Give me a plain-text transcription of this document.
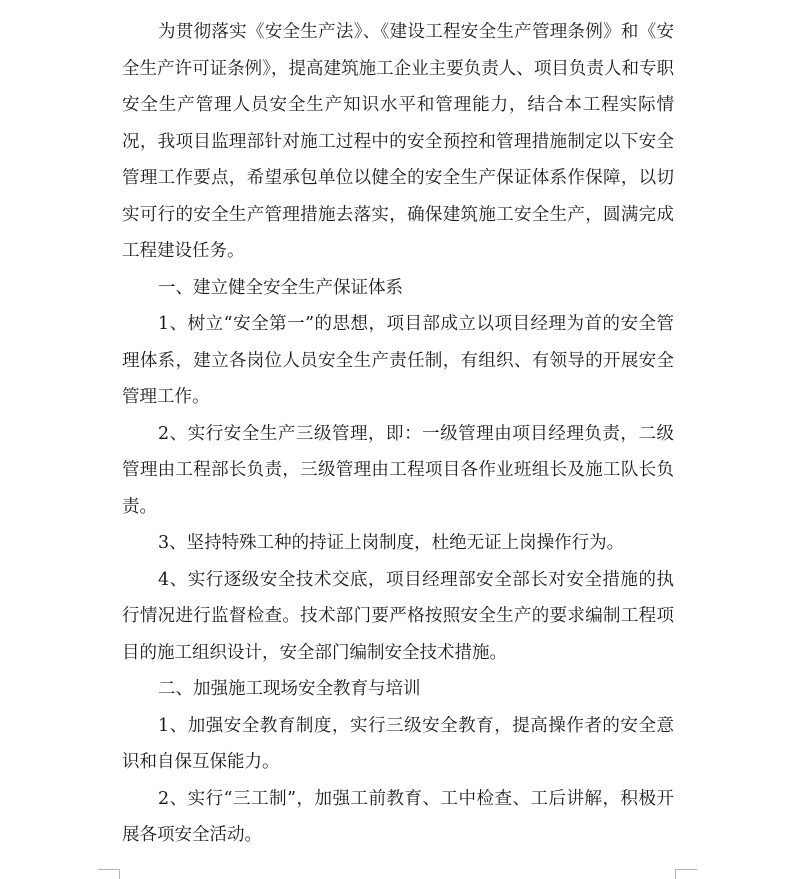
为贯彻落实《安全生产法》、《建设工程安全生产管理条例》和《安全生产许可证条例》，提高建筑施工企业主要负责人、项目负责人和专职安全生产管理人员安全生产知识水平和管理能力，结合本工程实际情况，我项目监理部针对施工过程中的安全预控和管理措施制定以下安全管理工作要点，希望承包单位以健全的安全生产保证体系作保障，以切实可行的安全生产管理措施去落实，确保建筑施工安全生产，圆满完成工程建设任务。

一、建立健全安全生产保证体系

1、树立“安全第一”的思想，项目部成立以项目经理为首的安全管理体系，建立各岗位人员安全生产责任制，有组织、有领导的开展安全管理工作。

2、实行安全生产三级管理，即：一级管理由项目经理负责，二级管理由工程部长负责，三级管理由工程项目各作业班组长及施工队长负责。

3、坚持特殊工种的持证上岗制度，杜绝无证上岗操作行为。

4、实行逐级安全技术交底，项目经理部安全部长对安全措施的执行情况进行监督检查。技术部门要严格按照安全生产的要求编制工程项目的施工组织设计，安全部门编制安全技术措施。

二、加强施工现场安全教育与培训

1、加强安全教育制度，实行三级安全教育，提高操作者的安全意识和自保互保能力。

2、实行“三工制”，加强工前教育、工中检查、工后讲解，积极开展各项安全活动。
